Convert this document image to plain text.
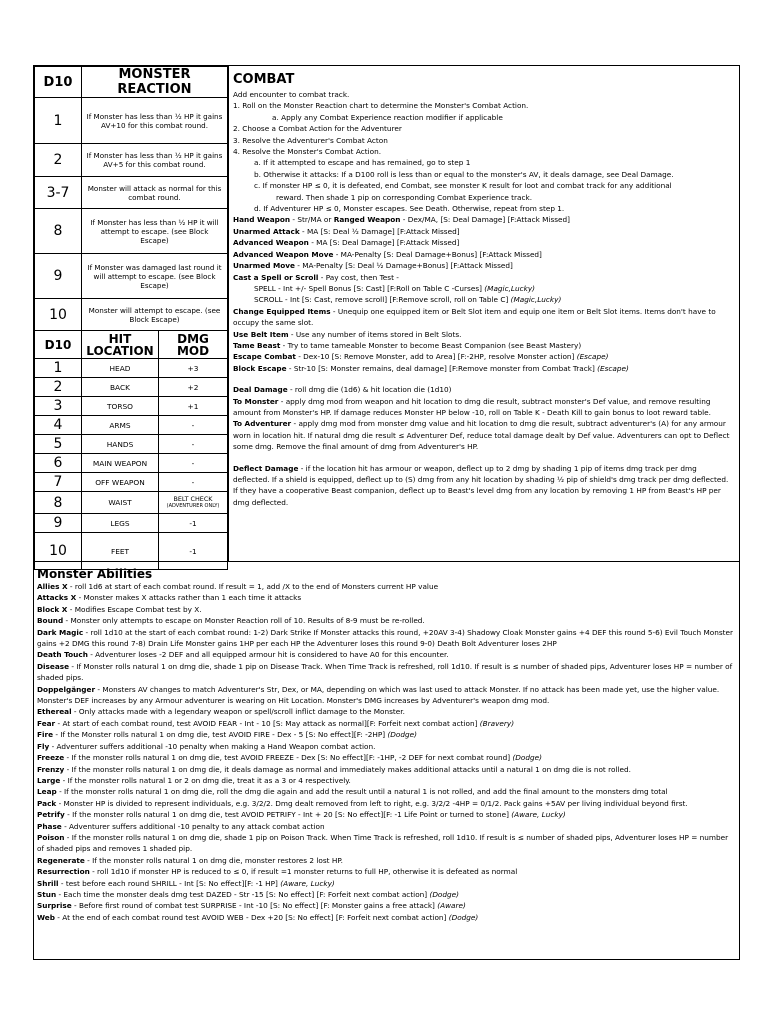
D10	MONSTER REACTION
1	If Monster has less than ½ HP it gains AV+10 for this combat round.
2	If Monster has less than ½ HP it gains AV+5 for this combat round.
3-7	Monster will attack as normal for this combat round.
8	If Monster has less than ½ HP it will attempt to escape. (see Block Escape)
9	If Monster was damaged last round it will attempt to escape. (see Block Escape)
10	Monster will attempt to escape. (see Block Escape)
D10	HIT LOCATION	DMG MOD
1	HEAD	+3
2	BACK	+2
3	TORSO	+1
4	ARMS	-
5	HANDS	-
6	MAIN WEAPON	-
7	OFF WEAPON	-
8	WAIST	BELT CHECK
(ADVENTURER ONLY)

9	LEGS	-1
10	FEET	-1
COMBAT
Add encounter to combat track.
1. Roll on the Monster Reaction chart to determine the Monster's Combat Action.
a. Apply any Combat Experience reaction modifier if applicable
2. Choose a Combat Action for the Adventurer
3. Resolve the Adventurer's Combat Acton
4. Resolve the Monster's Combat Action.
a. If it attempted to escape and has remained, go to step 1
b. Otherwise it attacks: If a D100 roll is less than or equal to the monster's AV, it deals damage, see Deal Damage.
c. If monster HP ≤ 0, it is defeated, end Combat, see monster K result for loot and combat track for any additional
reward. Then shade 1 pip on corresponding Combat Experience track.
d. If Adventurer HP ≤ 0, Monster escapes. See Death. Otherwise, repeat from step 1.
Hand Weapon - Str/MA or Ranged Weapon - Dex/MA, [S: Deal Damage] [F:Attack Missed]
Unarmed Attack - MA [S: Deal ½ Damage] [F:Attack Missed]
Advanced Weapon - MA [S: Deal Damage] [F:Attack Missed]
Advanced Weapon Move - MA-Penalty [S: Deal Damage+Bonus] [F:Attack Missed]
Unarmed Move - MA-Penalty [S: Deal ½ Damage+Bonus] [F:Attack Missed]
Cast a Spell or Scroll - Pay cost, then Test -
SPELL - Int +/- Spell Bonus [S: Cast] [F:Roll on Table C -Curses] (Magic,Lucky)
SCROLL - Int [S: Cast, remove scroll] [F:Remove scroll, roll on Table C] (Magic,Lucky)
Change Equipped Items - Unequip one equipped item or Belt Slot item and equip one item or Belt Slot items. Items don't have to occupy the same slot.
Use Belt Item - Use any number of items stored in Belt Slots.
Tame Beast - Try to tame tameable Monster to become Beast Companion (see Beast Mastery)
Escape Combat - Dex-10 [S: Remove Monster, add to Area] [F:-2HP, resolve Monster action] (Escape)
Block Escape - Str-10 [S: Monster remains, deal damage] [F:Remove monster from Combat Track] (Escape)
Deal Damage - roll dmg die (1d6) & hit location die (1d10)
To Monster - apply dmg mod from weapon and hit location to dmg die result, subtract monster's Def value, and remove resulting amount from Monster's HP. If damage reduces Monster HP below -10, roll on Table K - Death Kill to gain bonus to loot reward table.
To Adventurer - apply dmg mod from monster dmg value and hit location to dmg die result, subtract adventurer's (A) for any armour worn in location hit. If natural dmg die result ≤ Adventurer Def, reduce total damage dealt by Def value. Adventurers can opt to Deflect some dmg. Remove the final amount of dmg from Adventurer's HP.
Deflect Damage - if the location hit has armour or weapon, deflect up to 2 dmg by shading 1 pip of items dmg track per dmg deflected. If a shield is equipped, deflect up to (S) dmg from any hit location by shading ½ pip of shield's dmg track per dmg deflected. If they have a cooperative Beast companion, deflect up to Beast's level dmg from any location by removing 1 HP from Beast's HP per dmg deflected.
Monster Abilities
Allies X - roll 1d6 at start of each combat round. If result = 1, add /X to the end of Monsters current HP value
Attacks X - Monster makes X attacks rather than 1 each time it attacks
Block X - Modifies Escape Combat test by X.
Bound - Monster only attempts to escape on Monster Reaction roll of 10. Results of 8-9 must be re-rolled.
Dark Magic - roll 1d10 at the start of each combat round: 1-2) Dark Strike If Monster attacks this round, +20AV 3-4) Shadowy Cloak Monster gains +4 DEF this round 5-6) Evil Touch Monster gains +2 DMG this round 7-8) Drain Life Monster gains 1HP per each HP the Adventurer loses this round 9-0) Death Bolt Adventurer loses 2HP
Death Touch - Adventurer loses -2 DEF and all equipped armour hit is considered to have A0 for this encounter.
Disease - If Monster rolls natural 1 on dmg die, shade 1 pip on Disease Track. When Time Track is refreshed, roll 1d10. If result is ≤ number of shaded pips, Adventurer loses HP = number of shaded pips.
Doppelgänger - Monsters AV changes to match Adventurer's Str, Dex, or MA, depending on which was last used to attack Monster. If no attack has been made yet, use the higher value. Monster's DEF increases by any Armour adventurer is wearing on Hit Location. Monster's DMG increases by Adventurer's weapon dmg mod.
Ethereal - Only attacks made with a legendary weapon or spell/scroll inflict damage to the Monster.
Fear - At start of each combat round, test AVOID FEAR - Int - 10 [S: May attack as normal][F: Forfeit next combat action] (Bravery)
Fire - If the Monster rolls natural 1 on dmg die, test AVOID FIRE - Dex - 5 [S: No effect][F: -2HP] (Dodge)
Fly - Adventurer suffers additional -10 penalty when making a Hand Weapon combat action.
Freeze - If the monster rolls natural 1 on dmg die, test AVOID FREEZE - Dex [S: No effect][F: -1HP, -2 DEF for next combat round] (Dodge)
Frenzy - If the monster rolls natural 1 on dmg die, it deals damage as normal and immediately makes additional attacks until a natural 1 on dmg die is not rolled.
Large - If the monster rolls natural 1 or 2 on dmg die, treat it as a 3 or 4 respectively.
Leap - If the monster rolls natural 1 on dmg die, roll the dmg die again and add the result until a natural 1 is not rolled, and add the final amount to the monsters dmg total
Pack - Monster HP is divided to represent individuals, e.g. 3/2/2. Dmg dealt removed from left to right, e.g. 3/2/2 -4HP = 0/1/2. Pack gains +5AV per living individual beyond first.
Petrify - If the monster rolls natural 1 on dmg die, test AVOID PETRIFY - Int + 20 [S: No effect][F: -1 Life Point or turned to stone] (Aware, Lucky)
Phase - Adventurer suffers additional -10 penalty to any attack combat action
Poison - If the monster rolls natural 1 on dmg die, shade 1 pip on Poison Track. When Time Track is refreshed, roll 1d10. If result is ≤ number of shaded pips, Adventurer loses HP = number of shaded pips and removes 1 shaded pip.
Regenerate - If the monster rolls natural 1 on dmg die, monster restores 2 lost HP.
Resurrection - roll 1d10 if monster HP is reduced to ≤ 0, if result =1 monster returns to full HP, otherwise it is defeated as normal
Shrill - test before each round SHRILL - Int [S: No effect][F: -1 HP] (Aware, Lucky)
Stun - Each time the monster deals dmg test DAZED - Str -15 [S: No effect] [F: Forfeit next combat action] (Dodge)
Surprise - Before first round of combat test SURPRISE - Int -10 [S: No effect] [F: Monster gains a free attack] (Aware)
Web - At the end of each combat round test AVOID WEB - Dex +20 [S: No effect] [F: Forfeit next combat action] (Dodge)
